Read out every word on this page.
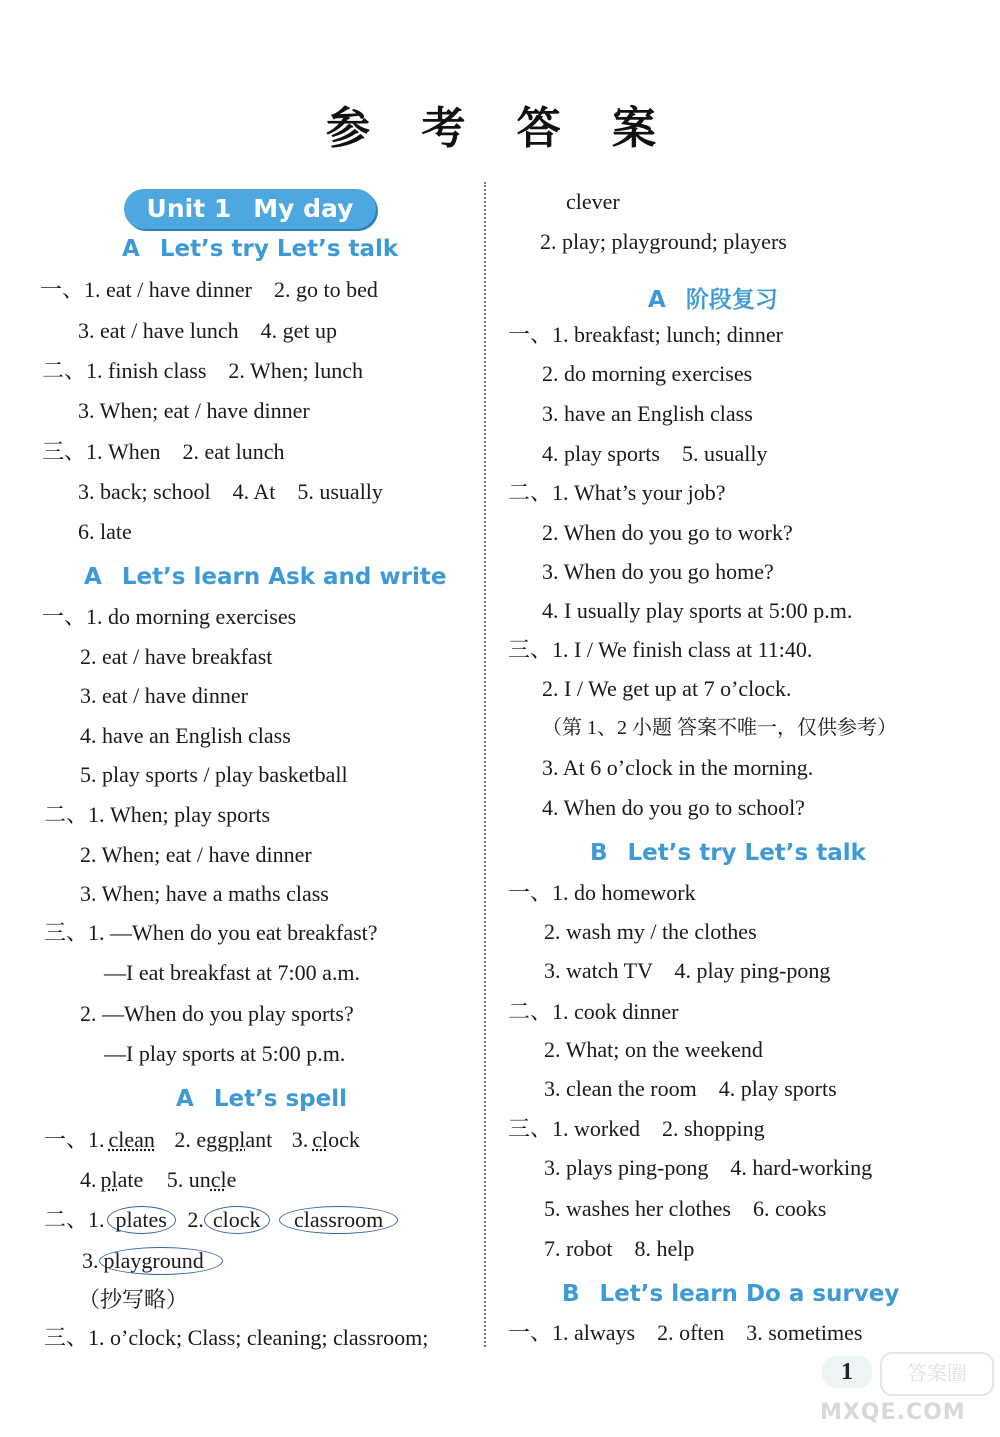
参 考 答 案
Unit 1 My day
A Let’s try Let’s talk
一、1. eat / have dinner    2. go to bed
3. eat / have lunch    4. get up
二、1. finish class    2. When; lunch
3. When; eat / have dinner
三、1. When    2. eat lunch
3. back; school    4. At    5. usually
6. late
A Let’s learn Ask and write
一、1. do morning exercises
2. eat / have breakfast
3. eat / have dinner
4. have an English class
5. play sports / play basketball
二、1. When; play sports
2. When; eat / have dinner
3. When; have a maths class
三、1. —When do you eat breakfast?
—I eat breakfast at 7:00 a.m.
2. —When do you play sports?
—I play sports at 5:00 p.m.
A Let’s spell
一、1. clean 2. eggplant 3. clock
4. plate 5. uncle
二、1. plates 2. clock classroom
3. playground
（抄写略）
三、1. o’clock; Class; cleaning; classroom;
clever
2. play; playground; players
A 阶段复习
一、1. breakfast; lunch; dinner
2. do morning exercises
3. have an English class
4. play sports    5. usually
二、1. What’s your job?
2. When do you go to work?
3. When do you go home?
4. I usually play sports at 5:00 p.m.
三、1. I / We finish class at 11:40.
2. I / We get up at 7 o’clock.
（第 1、2 小题 答案不唯一，仅供参考）
3. At 6 o’clock in the morning.
4. When do you go to school?
B Let’s try Let’s talk
一、1. do homework
2. wash my / the clothes
3. watch TV    4. play ping-pong
二、1. cook dinner
2. What; on the weekend
3. clean the room    4. play sports
三、1. worked    2. shopping
3. plays ping-pong    4. hard-working
5. washes her clothes    6. cooks
7. robot    8. help
B Let’s learn Do a survey
一、1. always    2. often    3. sometimes
答案圈
1
MXQE.COM
